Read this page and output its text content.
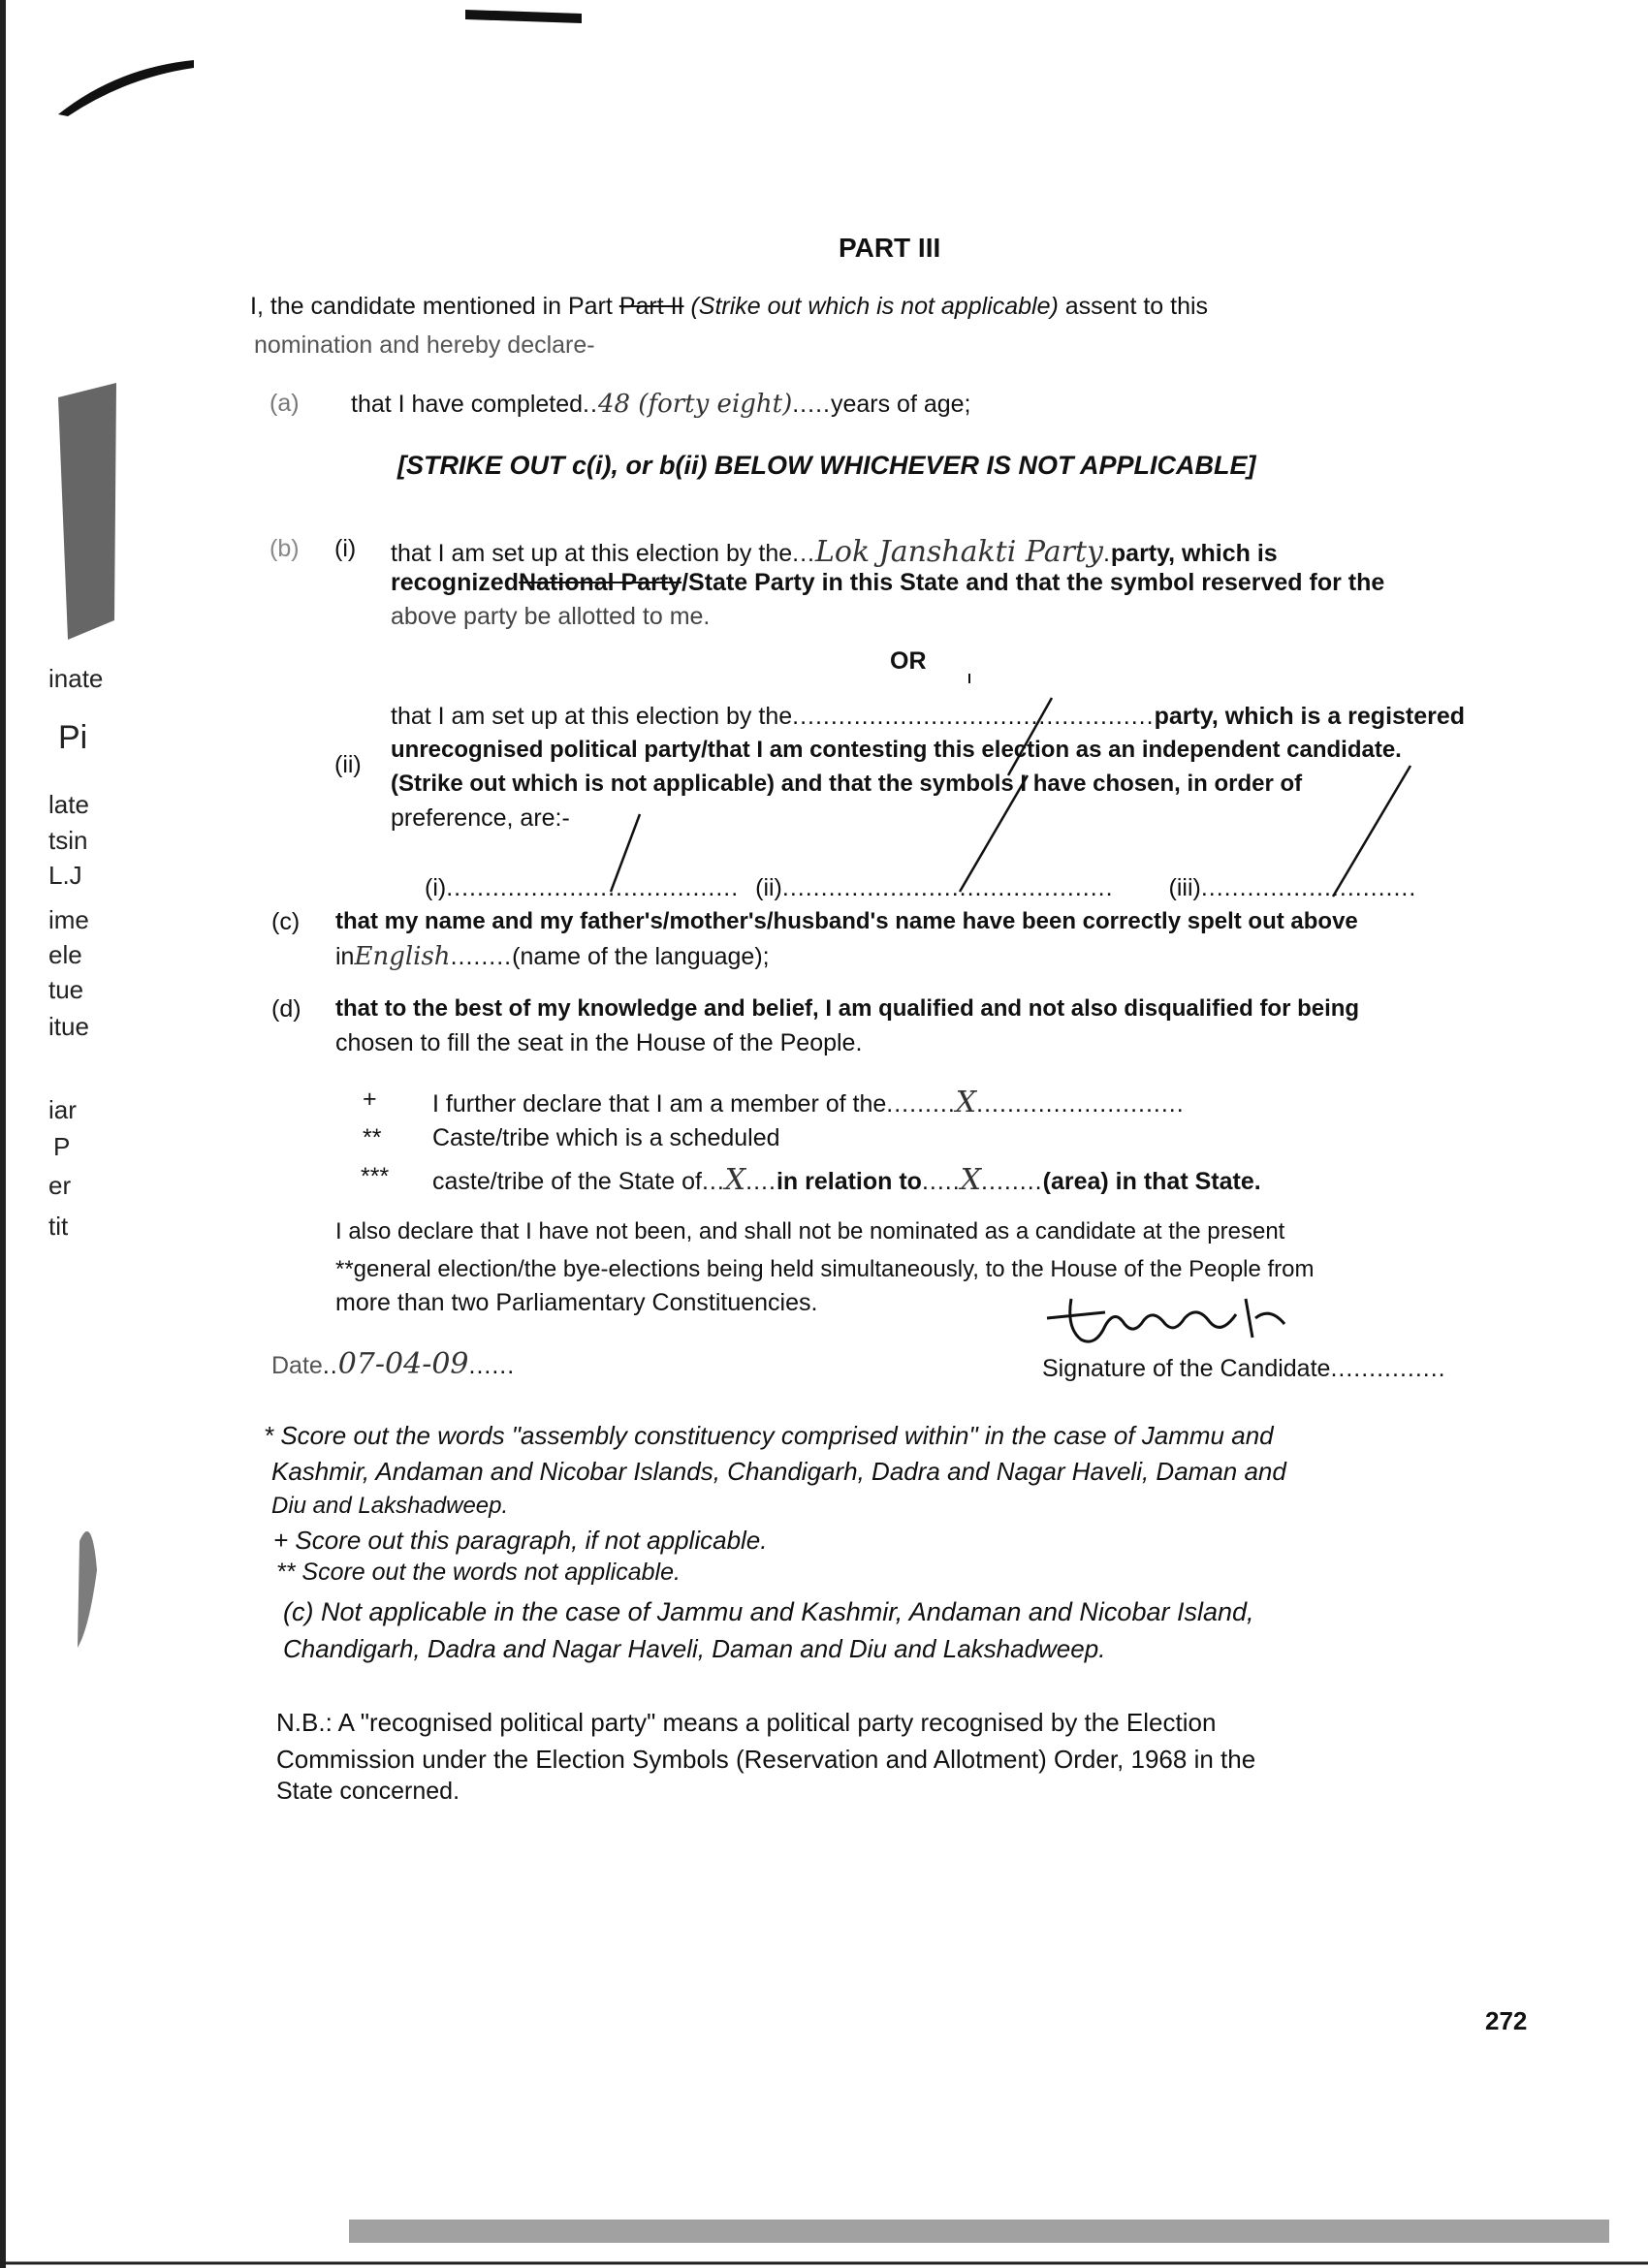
inate
Pi
late
tsin
L.J
ime
ele
tue
itue
iar
P
er
tit
PART III
I, the candidate mentioned in Part Part II (Strike out which is not applicable) assent to this
nomination and hereby declare-
(a) that I have completed..48 (forty eight).....years of age;
[STRIKE OUT c(i), or b(ii) BELOW WHICHEVER IS NOT APPLICABLE]
(b) (i) that I am set up at this election by the...Lok Janshakti Party.party, which is
recognizedNational Party/State Party in this State and that the symbol reserved for the
above party be allotted to me.
OR
(ii)
that I am set up at this election by the...............................................party, which is a registered
unrecognised political party/that I am contesting this election as an independent candidate.
(Strike out which is not applicable) and that the symbols I have chosen, in order of
preference, are:-
(i)...................................... (ii)........................................... (iii)............................
(c) that my name and my father's/mother's/husband's name have been correctly spelt out above
inEnglish........(name of the language);
(d) that to the best of my knowledge and belief, I am qualified and not also disqualified for being
chosen to fill the seat in the House of the People.
+
**
***
I further declare that I am a member of the.........X...........................
Caste/tribe which is a scheduled
caste/tribe of the State of...X....in relation to.....X........(area) in that State.
I also declare that I have not been, and shall not be nominated as a candidate at the present
**general election/the bye-elections being held simultaneously, to the House of the People from
more than two Parliamentary Constituencies.
Date..07-04-09......	Signature of the Candidate...............
* Score out the words "assembly constituency comprised within" in the case of Jammu and
Kashmir, Andaman and Nicobar Islands, Chandigarh, Dadra and Nagar Haveli, Daman and
Diu and Lakshadweep.
+ Score out this paragraph, if not applicable.
** Score out the words not applicable.
(c) Not applicable in the case of Jammu and Kashmir, Andaman and Nicobar Island,
Chandigarh, Dadra and Nagar Haveli, Daman and Diu and Lakshadweep.
N.B.: A "recognised political party" means a political party recognised by the Election
Commission under the Election Symbols (Reservation and Allotment) Order, 1968 in the
State concerned.
272
